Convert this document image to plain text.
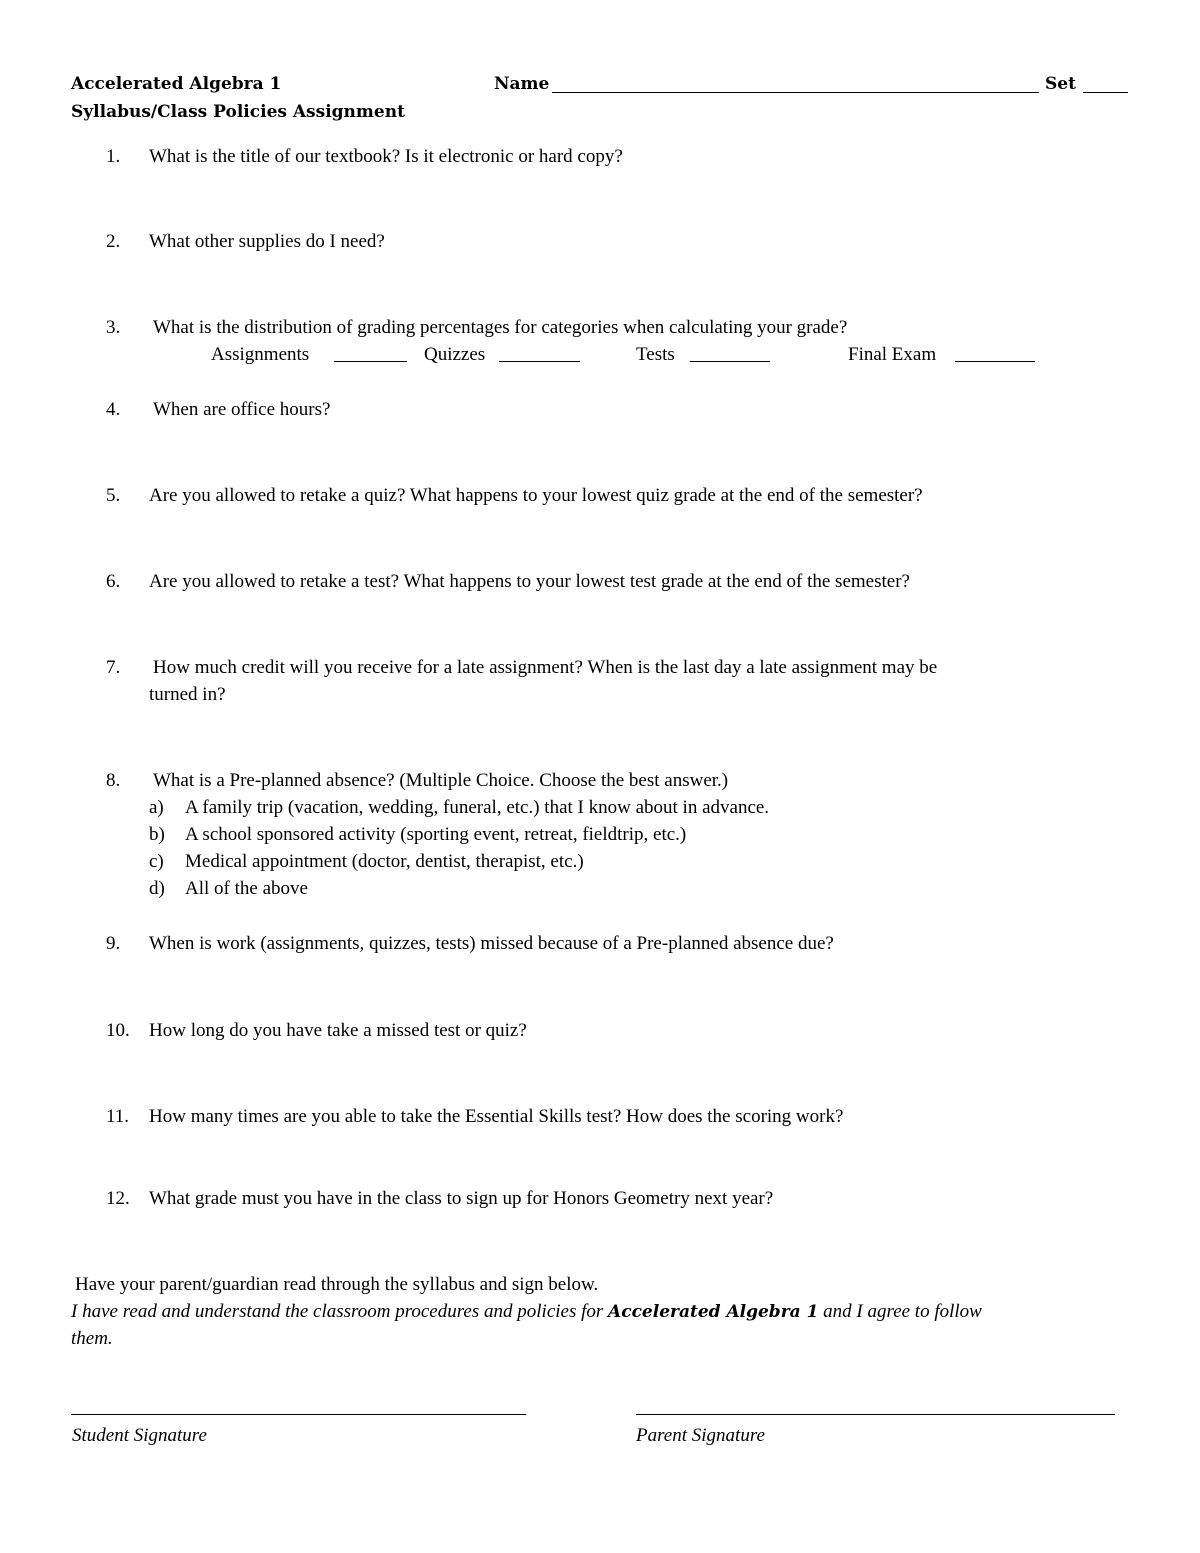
Accelerated Algebra 1
Syllabus/Class Policies Assignment
Name	Set
1. What is the title of our textbook? Is it electronic or hard copy?
2. What other supplies do I need?
3. What is the distribution of grading percentages for categories when calculating your grade?
Assignments	Quizzes	Tests	Final Exam
4. When are office hours?
5. Are you allowed to retake a quiz? What happens to your lowest quiz grade at the end of the semester?
6. Are you allowed to retake a test? What happens to your lowest test grade at the end of the semester?
7. How much credit will you receive for a late assignment? When is the last day a late assignment may be
turned in?
8. What is a Pre-planned absence? (Multiple Choice. Choose the best answer.)
a) A family trip (vacation, wedding, funeral, etc.) that I know about in advance.
b) A school sponsored activity (sporting event, retreat, fieldtrip, etc.)
c) Medical appointment (doctor, dentist, therapist, etc.)
d) All of the above
9. When is work (assignments, quizzes, tests) missed because of a Pre-planned absence due?
10. How long do you have take a missed test or quiz?
11. How many times are you able to take the Essential Skills test? How does the scoring work?
12. What grade must you have in the class to sign up for Honors Geometry next year?
Have your parent/guardian read through the syllabus and sign below.
I have read and understand the classroom procedures and policies for Accelerated Algebra 1 and I agree to follow
them.
Student Signature	Parent Signature
